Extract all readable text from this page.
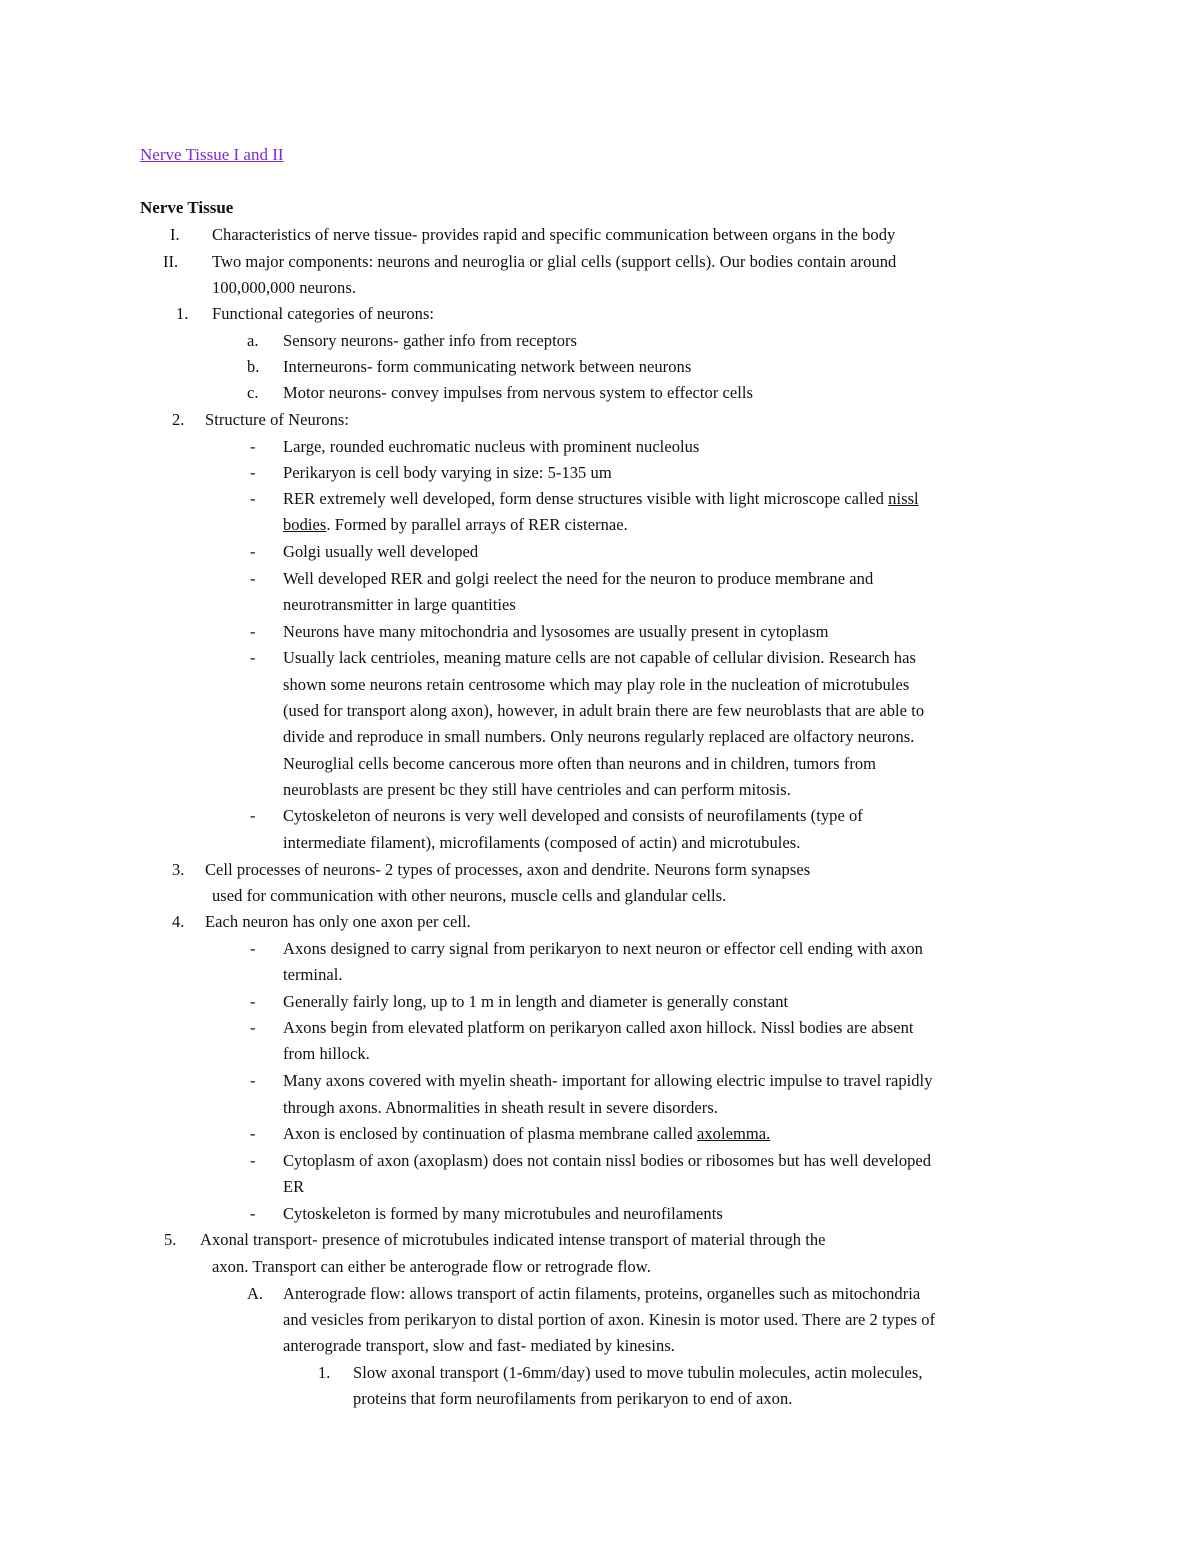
Nerve Tissue I and II
Nerve Tissue
I. Characteristics of nerve tissue- provides rapid and specific communication between organs in the body
II. Two major components: neurons and neuroglia or glial cells (support cells). Our bodies contain around
100,000,000 neurons.
1. Functional categories of neurons:
a. Sensory neurons- gather info from receptors
b. Interneurons- form communicating network between neurons
c. Motor neurons- convey impulses from nervous system to effector cells
2. Structure of Neurons:
- Large, rounded euchromatic nucleus with prominent nucleolus
- Perikaryon is cell body varying in size: 5-135 um
- RER extremely well developed, form dense structures visible with light microscope called nissl
bodies. Formed by parallel arrays of RER cisternae.
- Golgi usually well developed
- Well developed RER and golgi reelect the need for the neuron to produce membrane and
neurotransmitter in large quantities
- Neurons have many mitochondria and lysosomes are usually present in cytoplasm
- Usually lack centrioles, meaning mature cells are not capable of cellular division. Research has
shown some neurons retain centrosome which may play role in the nucleation of microtubules
(used for transport along axon), however, in adult brain there are few neuroblasts that are able to
divide and reproduce in small numbers. Only neurons regularly replaced are olfactory neurons.
Neuroglial cells become cancerous more often than neurons and in children, tumors from
neuroblasts are present bc they still have centrioles and can perform mitosis.
- Cytoskeleton of neurons is very well developed and consists of neurofilaments (type of
intermediate filament), microfilaments (composed of actin) and microtubules.
3. Cell processes of neurons- 2 types of processes, axon and dendrite. Neurons form synapses
used for communication with other neurons, muscle cells and glandular cells.
4. Each neuron has only one axon per cell.
- Axons designed to carry signal from perikaryon to next neuron or effector cell ending with axon
terminal.
- Generally fairly long, up to 1 m in length and diameter is generally constant
- Axons begin from elevated platform on perikaryon called axon hillock. Nissl bodies are absent
from hillock.
- Many axons covered with myelin sheath- important for allowing electric impulse to travel rapidly
through axons. Abnormalities in sheath result in severe disorders.
- Axon is enclosed by continuation of plasma membrane called axolemma.
- Cytoplasm of axon (axoplasm) does not contain nissl bodies or ribosomes but has well developed
ER
- Cytoskeleton is formed by many microtubules and neurofilaments
5. Axonal transport- presence of microtubules indicated intense transport of material through the
axon. Transport can either be anterograde flow or retrograde flow.
A. Anterograde flow: allows transport of actin filaments, proteins, organelles such as mitochondria
and vesicles from perikaryon to distal portion of axon. Kinesin is motor used. There are 2 types of
anterograde transport, slow and fast- mediated by kinesins.
1. Slow axonal transport (1-6mm/day) used to move tubulin molecules, actin molecules,
proteins that form neurofilaments from perikaryon to end of axon.
